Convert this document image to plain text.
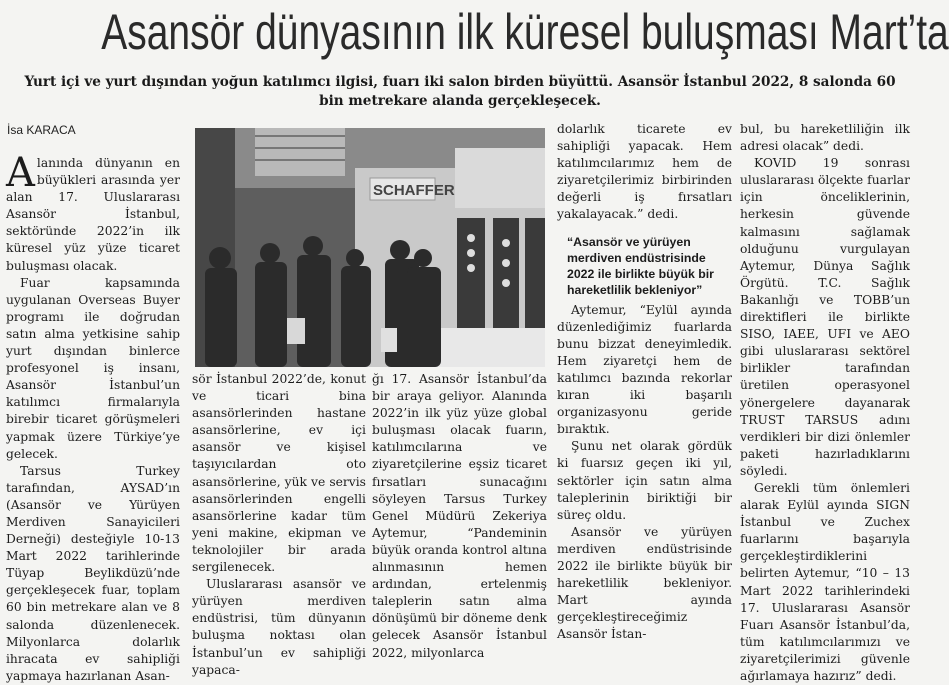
Asansör dünyasının ilk küresel buluşması Mart’ta
Yurt içi ve yurt dışından yoğun katılımcı ilgisi, fuarı iki salon birden büyüttü. Asansör İstanbul 2022, 8 salonda 60 bin metrekare alanda gerçekleşecek.
İsa KARACA
SCHAFFER

Alanında dünyanın en büyükleri arasında yer alan 17. Uluslararası Asansör İstanbul, sektöründe 2022’in ilk küresel yüz yüze ticaret buluşması olacak.

Fuar kapsamında uygulanan Overseas Buyer programı ile doğrudan satın alma yetkisine sahip yurt dışından binlerce profesyonel iş insanı, Asansör İstanbul’un katılımcı firmalarıyla birebir ticaret görüşmeleri yapmak üzere Türkiye’ye gelecek.

Tarsus Turkey tarafından, AYSAD’ın (Asansör ve Yürüyen Merdiven Sanayicileri Derneği) desteğiyle 10-13 Mart 2022 tarihlerinde Tüyap Beylikdüzü’nde gerçekleşecek fuar, toplam 60 bin metrekare alan ve 8 salonda düzenlenecek. Milyonlarca dolarlık ihracata ev sahipliği yapmaya hazırlanan Asan-

sör İstanbul 2022’de, konut ve ticari bina asansörlerinden hastane asansörlerine, ev içi asansör ve kişisel taşıyıcılardan oto asansörlerine, yük ve servis asansörlerinden engelli asansörlerine kadar tüm yeni makine, ekipman ve teknolojiler bir arada sergilenecek.

Uluslararası asansör ve yürüyen merdiven endüstrisi, tüm dünyanın buluşma noktası olan İstanbul’un ev sahipliği yapaca-

ğı 17. Asansör İstanbul’da bir araya geliyor. Alanında 2022’in ilk yüz yüze global buluşması olacak fuarın, katılımcılarına ve ziyaretçilerine eşsiz ticaret fırsatları sunacağını söyleyen Tarsus Turkey Genel Müdürü Zekeriya Aytemur, “Pandeminin büyük oranda kontrol altına alınmasının hemen ardından, ertelenmiş taleplerin satın alma dönüşümü bir döneme denk gelecek Asansör İstanbul 2022, milyonlarca

dolarlık ticarete ev sahipliği yapacak. Hem katılımcılarımız hem de ziyaretçilerimiz birbirinden değerli iş fırsatları yakalayacak.” dedi.

“Asansör ve yürüyen merdiven endüstrisinde 2022 ile birlikte büyük bir hareketlilik bekleniyor”

Aytemur, “Eylül ayında düzenlediğimiz fuarlarda bunu bizzat deneyimledik. Hem ziyaretçi hem de katılımcı bazında rekorlar kıran iki başarılı organizasyonu geride bıraktık.

Şunu net olarak gördük ki fuarsız geçen iki yıl, sektörler için satın alma taleplerinin biriktiği bir süreç oldu.

Asansör ve yürüyen merdiven endüstrisinde 2022 ile birlikte büyük bir hareketlilik bekleniyor. Mart ayında gerçekleştireceğimiz Asansör İstan-

bul, bu hareketliliğin ilk adresi olacak” dedi.

KOVID 19 sonrası uluslararası ölçekte fuarlar için önceliklerinin, herkesin güvende kalmasını sağlamak olduğunu vurgulayan Aytemur, Dünya Sağlık Örgütü. T.C. Sağlık Bakanlığı ve TOBB’un direktifleri ile birlikte SISO, IAEE, UFI ve AEO gibi uluslararası sektörel birlikler tarafından üretilen operasyonel yönergelere dayanarak TRUST TARSUS adını verdikleri bir dizi önlemler paketi hazırladıklarını söyledi.

Gerekli tüm önlemleri alarak Eylül ayında SIGN İstanbul ve Zuchex fuarlarını başarıyla gerçekleştirdiklerini belirten Aytemur, “10 – 13 Mart 2022 tarihlerindeki 17. Uluslararası Asansör Fuarı Asansör İstanbul’da, tüm katılımcılarımızı ve ziyaretçilerimizi güvenle ağırlamaya hazırız” dedi.
